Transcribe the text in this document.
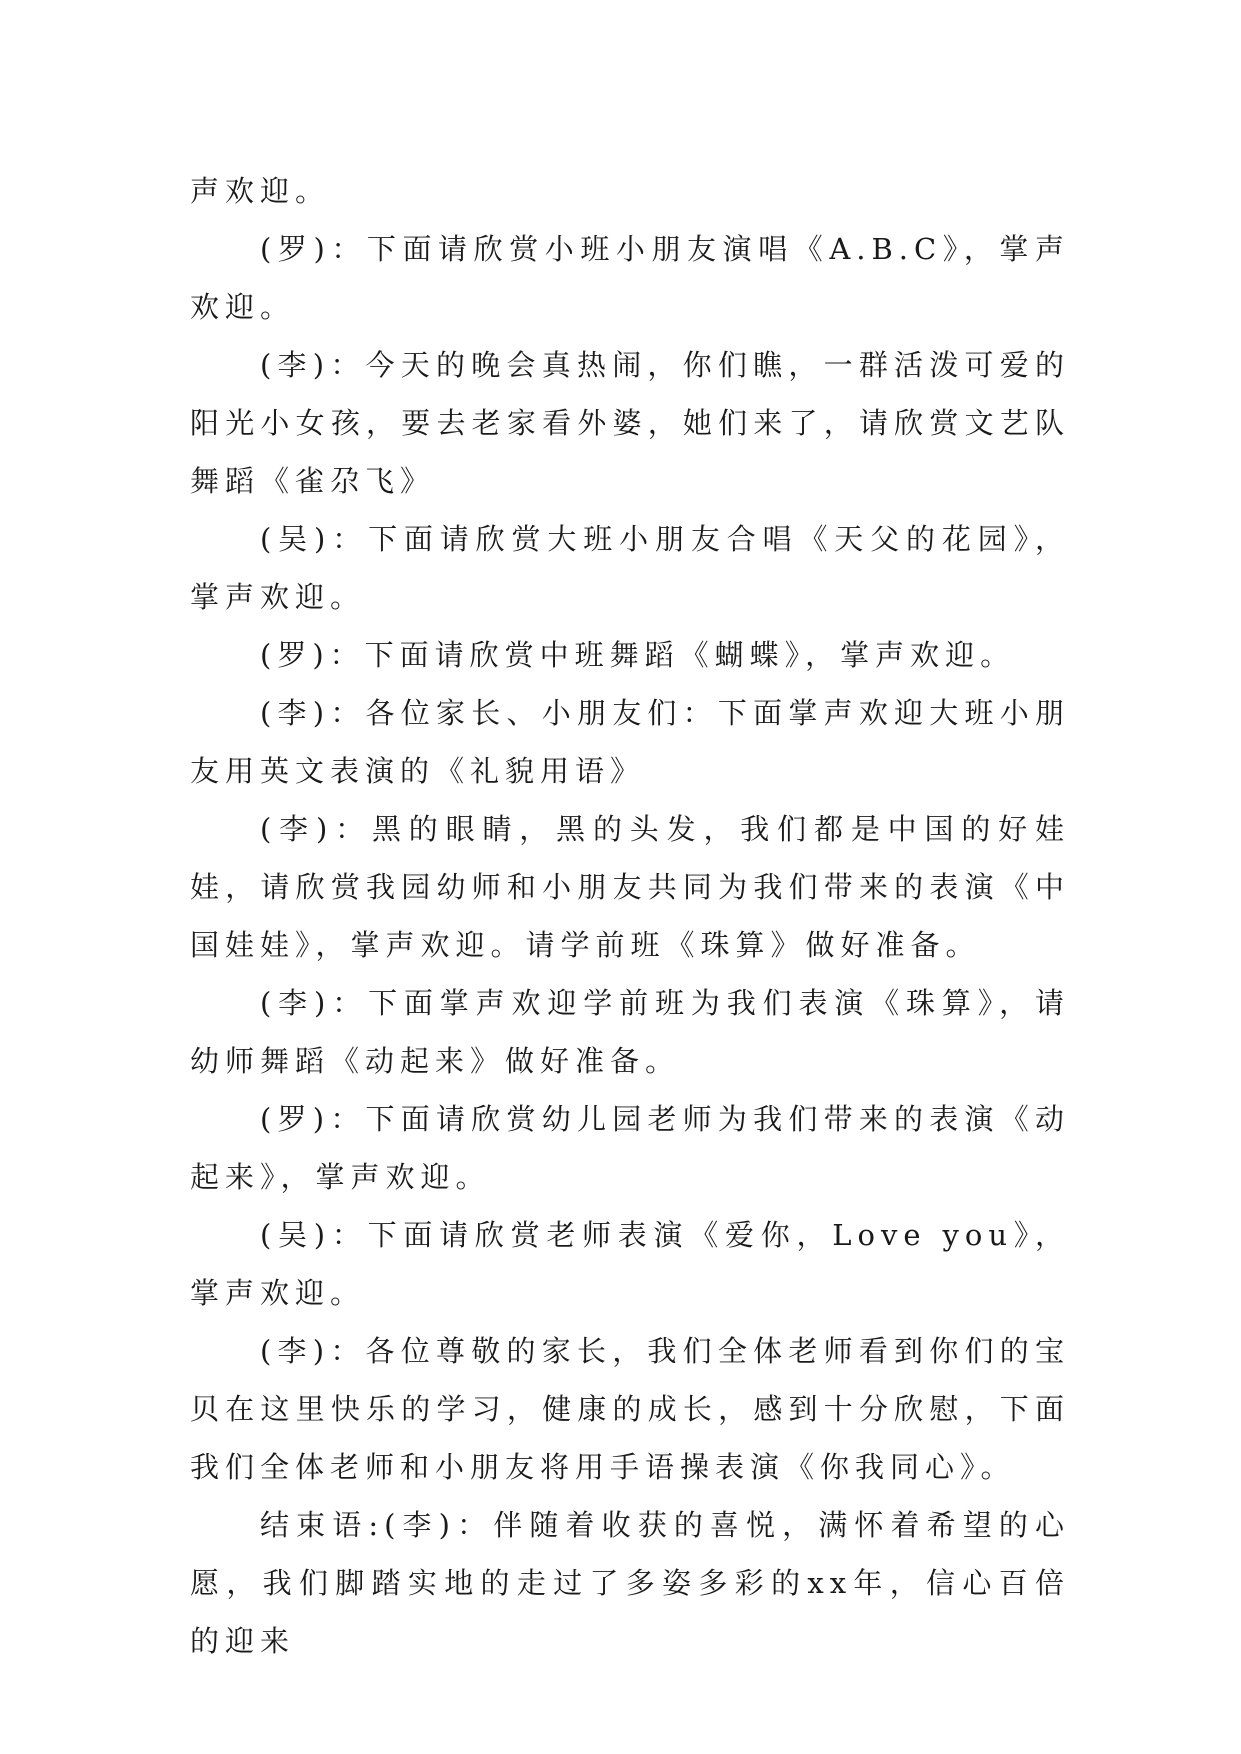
声欢迎。

(罗)：下面请欣赏小班小朋友演唱《A.B.C》，掌声欢迎。

(李)：今天的晚会真热闹，你们瞧，一群活泼可爱的阳光小女孩，要去老家看外婆，她们来了，请欣赏文艺队舞蹈《雀尕飞》

(吴)：下面请欣赏大班小朋友合唱《天父的花园》，掌声欢迎。

(罗)：下面请欣赏中班舞蹈《蝴蝶》，掌声欢迎。

(李)：各位家长、小朋友们：下面掌声欢迎大班小朋友用英文表演的《礼貌用语》

(李)：黑的眼睛，黑的头发，我们都是中国的好娃娃，请欣赏我园幼师和小朋友共同为我们带来的表演《中国娃娃》，掌声欢迎。请学前班《珠算》做好准备。

(李)：下面掌声欢迎学前班为我们表演《珠算》，请幼师舞蹈《动起来》做好准备。

(罗)：下面请欣赏幼儿园老师为我们带来的表演《动起来》，掌声欢迎。

(吴)：下面请欣赏老师表演《爱你，Love you》，掌声欢迎。

(李)：各位尊敬的家长，我们全体老师看到你们的宝贝在这里快乐的学习，健康的成长，感到十分欣慰，下面我们全体老师和小朋友将用手语操表演《你我同心》。

结束语:(李)：伴随着收获的喜悦，满怀着希望的心愿，我们脚踏实地的走过了多姿多彩的xx年，信心百倍的迎来
